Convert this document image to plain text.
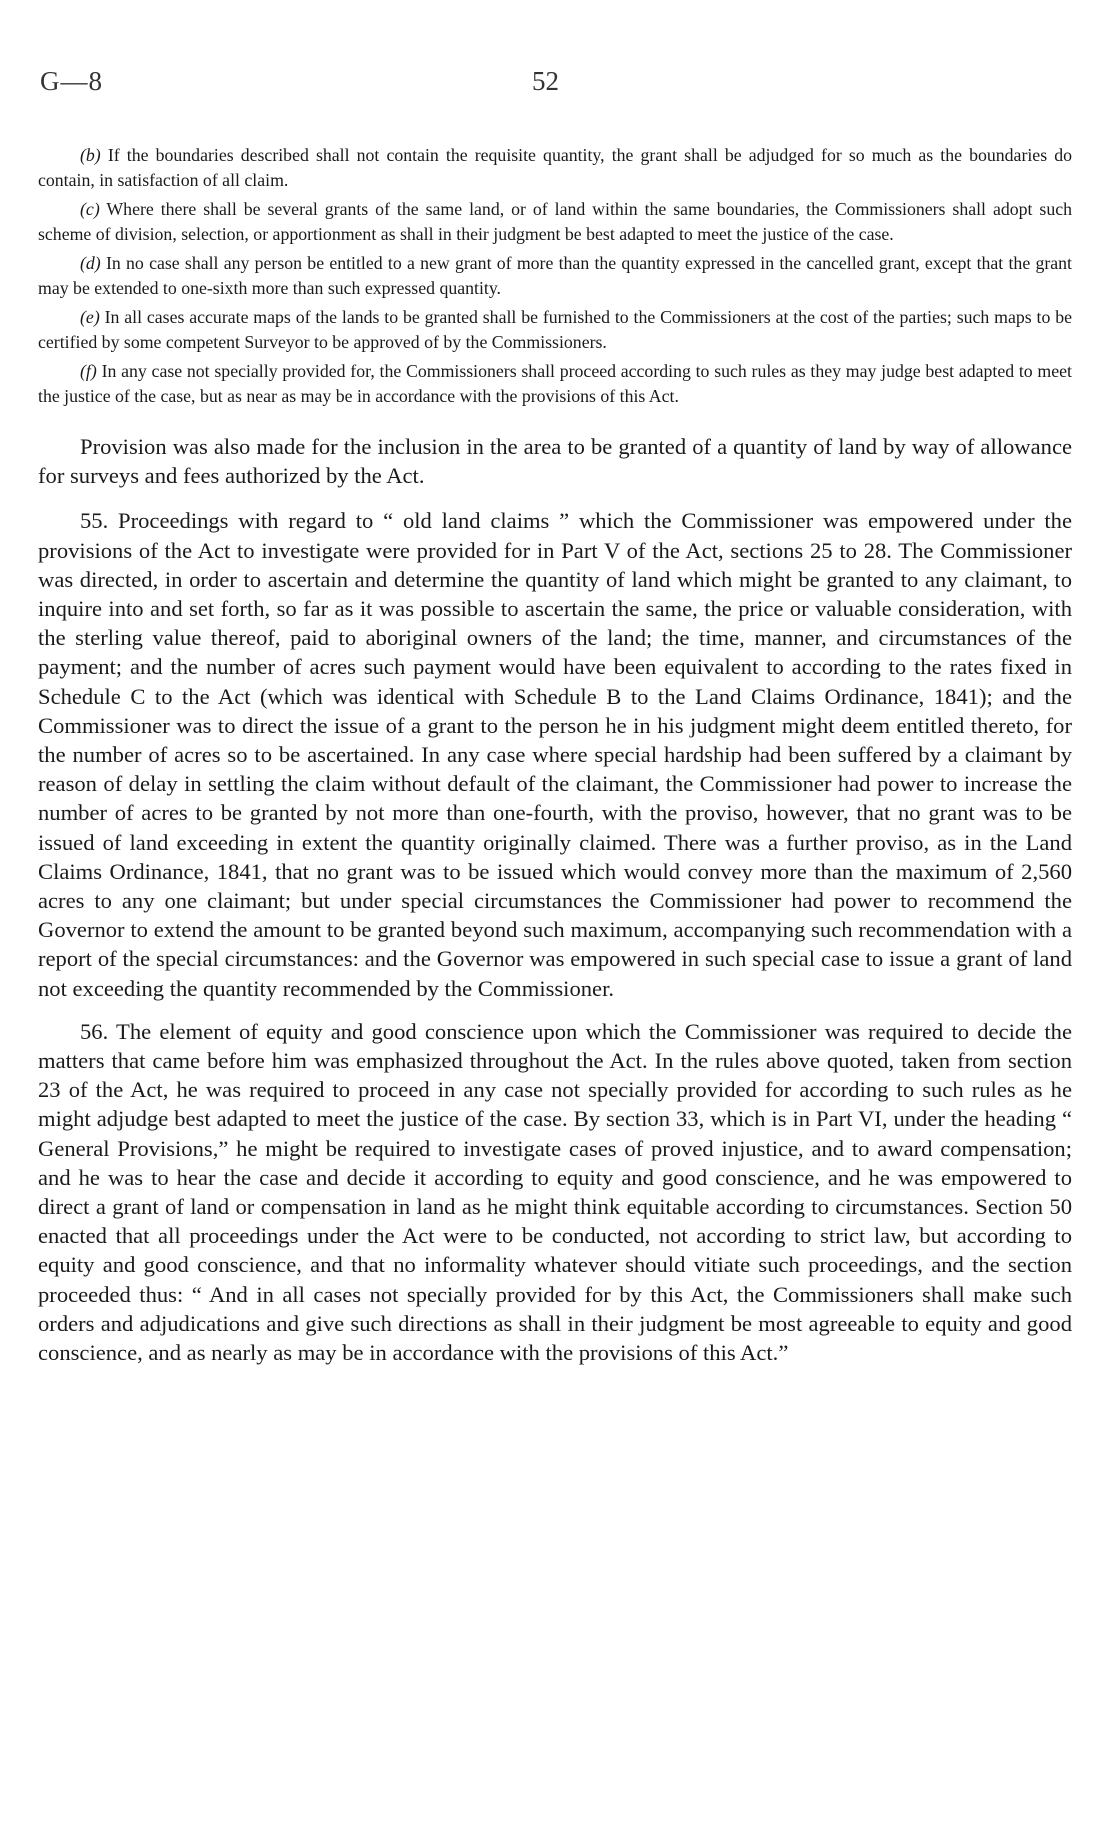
G—8	52

(b) If the boundaries described shall not contain the requisite quantity, the grant shall be adjudged for so much as the boundaries do contain, in satisfaction of all claim.

(c) Where there shall be several grants of the same land, or of land within the same boundaries, the Commissioners shall adopt such scheme of division, selection, or apportionment as shall in their judgment be best adapted to meet the justice of the case.

(d) In no case shall any person be entitled to a new grant of more than the quantity expressed in the cancelled grant, except that the grant may be extended to one-sixth more than such expressed quantity.

(e) In all cases accurate maps of the lands to be granted shall be furnished to the Commissioners at the cost of the parties; such maps to be certified by some competent Surveyor to be approved of by the Commissioners.

(f) In any case not specially provided for, the Commissioners shall proceed according to such rules as they may judge best adapted to meet the justice of the case, but as near as may be in accordance with the provisions of this Act.

Provision was also made for the inclusion in the area to be granted of a quantity of land by way of allowance for surveys and fees authorized by the Act.

55. Proceedings with regard to “ old land claims ” which the Commissioner was empowered under the provisions of the Act to investigate were provided for in Part V of the Act, sections 25 to 28. The Commissioner was directed, in order to ascertain and determine the quantity of land which might be granted to any claimant, to inquire into and set forth, so far as it was possible to ascertain the same, the price or valuable consideration, with the sterling value thereof, paid to aboriginal owners of the land; the time, manner, and circumstances of the payment; and the number of acres such payment would have been equivalent to according to the rates fixed in Schedule C to the Act (which was identical with Schedule B to the Land Claims Ordinance, 1841); and the Commissioner was to direct the issue of a grant to the person he in his judgment might deem entitled thereto, for the number of acres so to be ascertained. In any case where special hardship had been suffered by a claimant by reason of delay in settling the claim without default of the claimant, the Commissioner had power to increase the number of acres to be granted by not more than one-fourth, with the proviso, however, that no grant was to be issued of land exceeding in extent the quantity originally claimed. There was a further proviso, as in the Land Claims Ordinance, 1841, that no grant was to be issued which would convey more than the maximum of 2,560 acres to any one claimant; but under special circumstances the Commissioner had power to recommend the Governor to extend the amount to be granted beyond such maximum, accompanying such recommendation with a report of the special circumstances: and the Governor was empowered in such special case to issue a grant of land not exceeding the quantity recommended by the Commissioner.

56. The element of equity and good conscience upon which the Commissioner was required to decide the matters that came before him was emphasized throughout the Act. In the rules above quoted, taken from section 23 of the Act, he was required to proceed in any case not specially provided for according to such rules as he might adjudge best adapted to meet the justice of the case. By section 33, which is in Part VI, under the heading “ General Provisions,” he might be required to investigate cases of proved injustice, and to award compensation; and he was to hear the case and decide it according to equity and good conscience, and he was empowered to direct a grant of land or compensation in land as he might think equitable according to circumstances. Section 50 enacted that all proceedings under the Act were to be conducted, not according to strict law, but according to equity and good conscience, and that no informality whatever should vitiate such proceedings, and the section proceeded thus: “ And in all cases not specially provided for by this Act, the Commissioners shall make such orders and adjudications and give such directions as shall in their judgment be most agreeable to equity and good conscience, and as nearly as may be in accordance with the provisions of this Act.”
